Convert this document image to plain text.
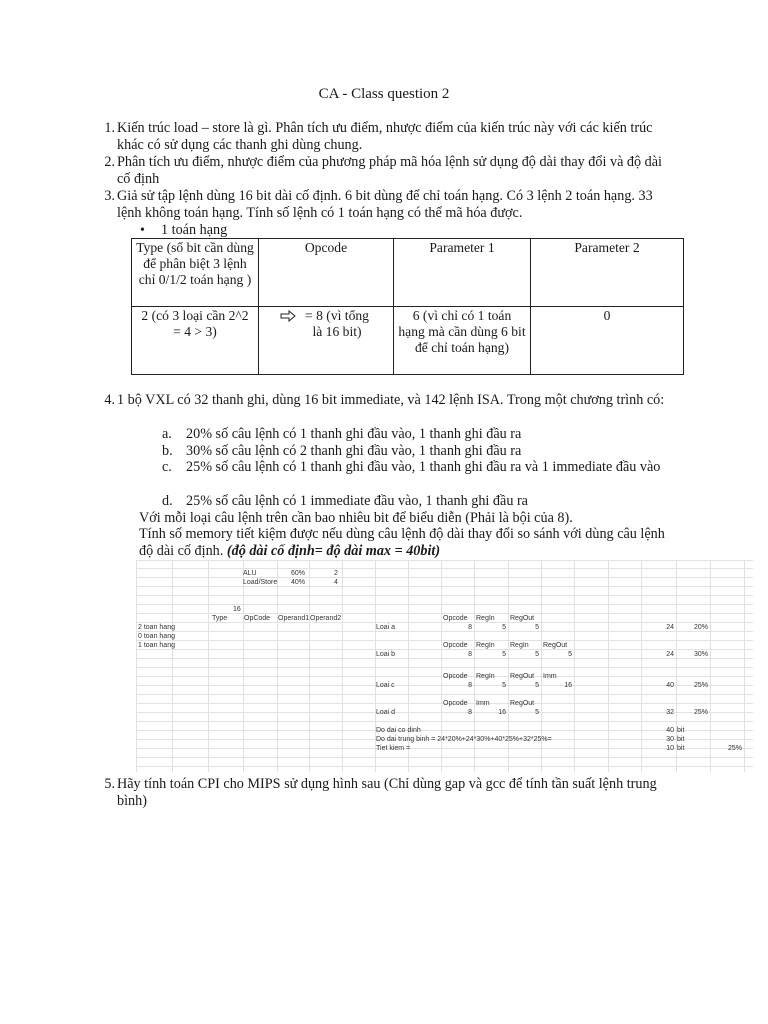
CA - Class question 2
1. Kiến trúc load – store là gì. Phân tích ưu điểm, nhược điểm của kiến trúc này với các kiến trúc khác có sử dụng các thanh ghi dùng chung.
2. Phân tích ưu điểm, nhược điểm của phương pháp mã hóa lệnh sử dụng độ dài thay đổi và độ dài cố định
3. Giả sử tập lệnh dùng 16 bit dài cố định. 6 bit dùng để chỉ toán hạng. Có 3 lệnh 2 toán hạng. 33 lệnh không toán hạng. Tính số lệnh có 1 toán hạng có thể mã hóa được.
• 1 toán hạng
Type (số bit cần dùng để phân biệt 3 lệnh chỉ 0/1/2 toán hạng )	Opcode	Parameter 1	Parameter 2
2 (có 3 loại cần 2^2 = 4 > 3)	= 8 (vì tổng là 16 bit)	6 (vì chỉ có 1 toán hạng mà cần dùng 6 bit để chỉ toán hạng)	0
4. 1 bộ VXL có 32 thanh ghi, dùng 16 bit immediate, và 142 lệnh ISA. Trong một chương trình có:
a. 20% số câu lệnh có 1 thanh ghi đầu vào, 1 thanh ghi đầu ra
b. 30% số câu lệnh có 2 thanh ghi đầu vào, 1 thanh ghi đầu ra
c. 25% số câu lệnh có 1 thanh ghi đầu vào, 1 thanh ghi đầu ra và 1 immediate đầu vào
d. 25% số câu lệnh có 1 immediate đầu vào, 1 thanh ghi đầu ra
Với mỗi loại câu lệnh trên cần bao nhiêu bit để biểu diễn (Phải là bội của 8).
Tính số memory tiết kiệm được nếu dùng câu lệnh độ dài thay đổi so sánh với dùng câu lệnh độ dài cố định. (độ dài cố định= độ dài max = 40bit)
ALU	60%	2
Load/Store 40%	4
16
Type OpCode Operand1 Operand2
2 toan hang
0 toan hang
1 toan hang
Opcode RegIn RegOut
Loai a	8	5	5	24	20%
Opcode RegIn RegIn RegOut
Loai b	8	5	5	5	24	30%
Opcode RegIn RegOut Imm
Loai c	8	5	5	16	40	25%
Opcode Imm	RegOut
Loai d	8	16	5	32	25%
Do dai co dinh	40 bit
Do dai trung binh = 24*20%+24*30%+40*25%+32*25%=	30 bit
Tiet kiem =	10 bit	25%
5. Hãy tính toán CPI cho MIPS sử dụng hình sau (Chỉ dùng gap và gcc để tính tần suất lệnh trung bình)
